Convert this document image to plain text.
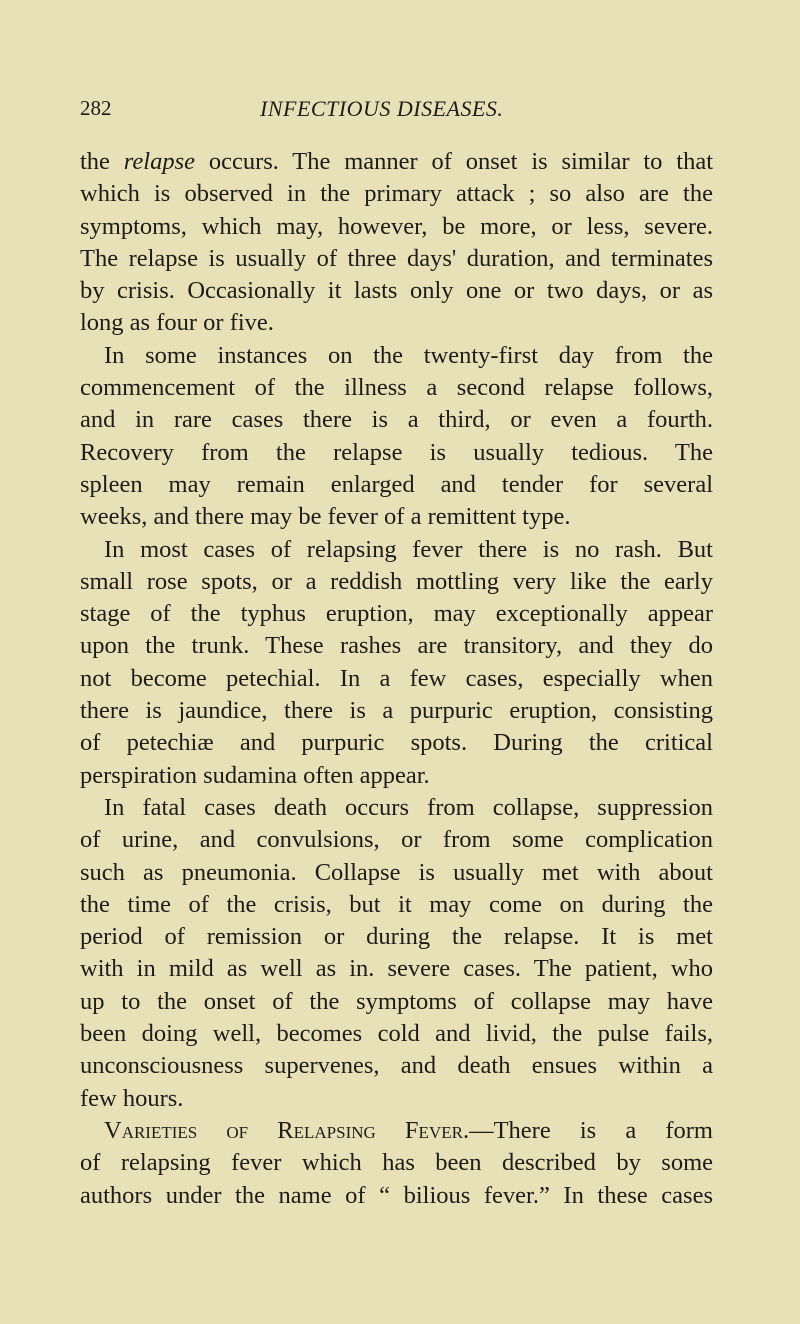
282	INFECTIOUS DISEASES.
the relapse occurs. The manner of onset is similar to that
which is observed in the primary attack ; so also are the
symptoms, which may, however, be more, or less, severe.
The relapse is usually of three days' duration, and terminates
by crisis. Occasionally it lasts only one or two days, or as
long as four or five.
In some instances on the twenty-first day from the
commencement of the illness a second relapse follows,
and in rare cases there is a third, or even a fourth.
Recovery from the relapse is usually tedious. The
spleen may remain enlarged and tender for several
weeks, and there may be fever of a remittent type.
In most cases of relapsing fever there is no rash. But
small rose spots, or a reddish mottling very like the early
stage of the typhus eruption, may exceptionally appear
upon the trunk. These rashes are transitory, and they do
not become petechial. In a few cases, especially when
there is jaundice, there is a purpuric eruption, consisting
of petechiæ and purpuric spots. During the critical
perspiration sudamina often appear.
In fatal cases death occurs from collapse, suppression
of urine, and convulsions, or from some complication
such as pneumonia. Collapse is usually met with about
the time of the crisis, but it may come on during the
period of remission or during the relapse. It is met
with in mild as well as in. severe cases. The patient, who
up to the onset of the symptoms of collapse may have
been doing well, becomes cold and livid, the pulse fails,
unconsciousness supervenes, and death ensues within a
few hours.
Varieties of Relapsing Fever.—There is a form
of relapsing fever which has been described by some
authors under the name of “ bilious fever.” In these cases
